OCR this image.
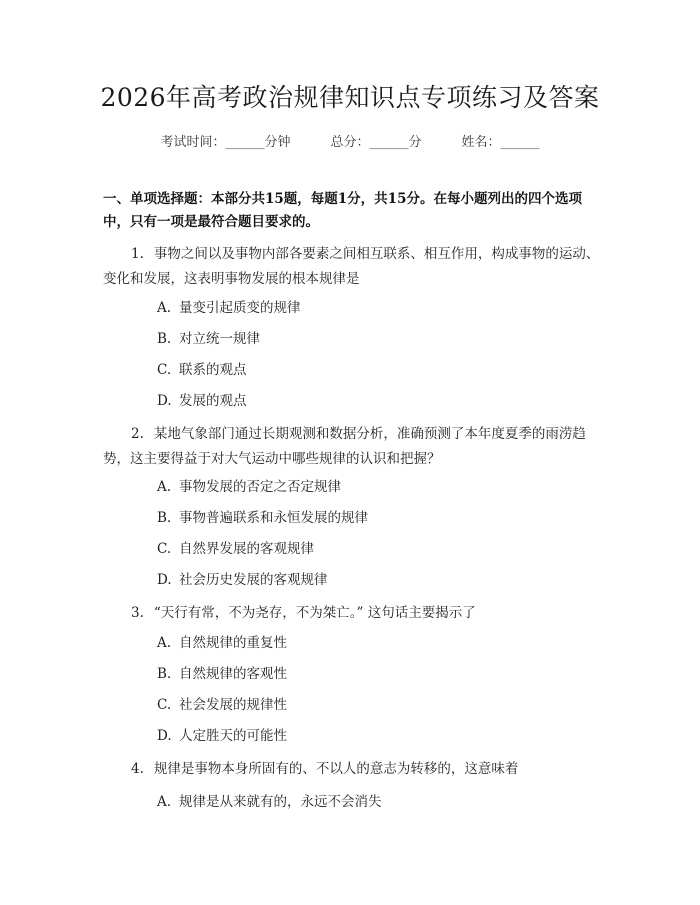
2026年高考政治规律知识点专项练习及答案
考试时间：______分钟	总分：______分	姓名：______
一、单项选择题：本部分共15题，每题1分，共15分。在每小题列出的四个选项中，只有一项是最符合题目要求的。
1. 事物之间以及事物内部各要素之间相互联系、相互作用，构成事物的运动、变化和发展，这表明事物发展的根本规律是
A. 量变引起质变的规律
B. 对立统一规律
C. 联系的观点
D. 发展的观点
2. 某地气象部门通过长期观测和数据分析，准确预测了本年度夏季的雨涝趋势，这主要得益于对大气运动中哪些规律的认识和把握？
A. 事物发展的否定之否定规律
B. 事物普遍联系和永恒发展的规律
C. 自然界发展的客观规律
D. 社会历史发展的客观规律
3. “天行有常，不为尧存，不为桀亡。” 这句话主要揭示了
A. 自然规律的重复性
B. 自然规律的客观性
C. 社会发展的规律性
D. 人定胜天的可能性
4. 规律是事物本身所固有的、不以人的意志为转移的，这意味着
A. 规律是从来就有的，永远不会消失
